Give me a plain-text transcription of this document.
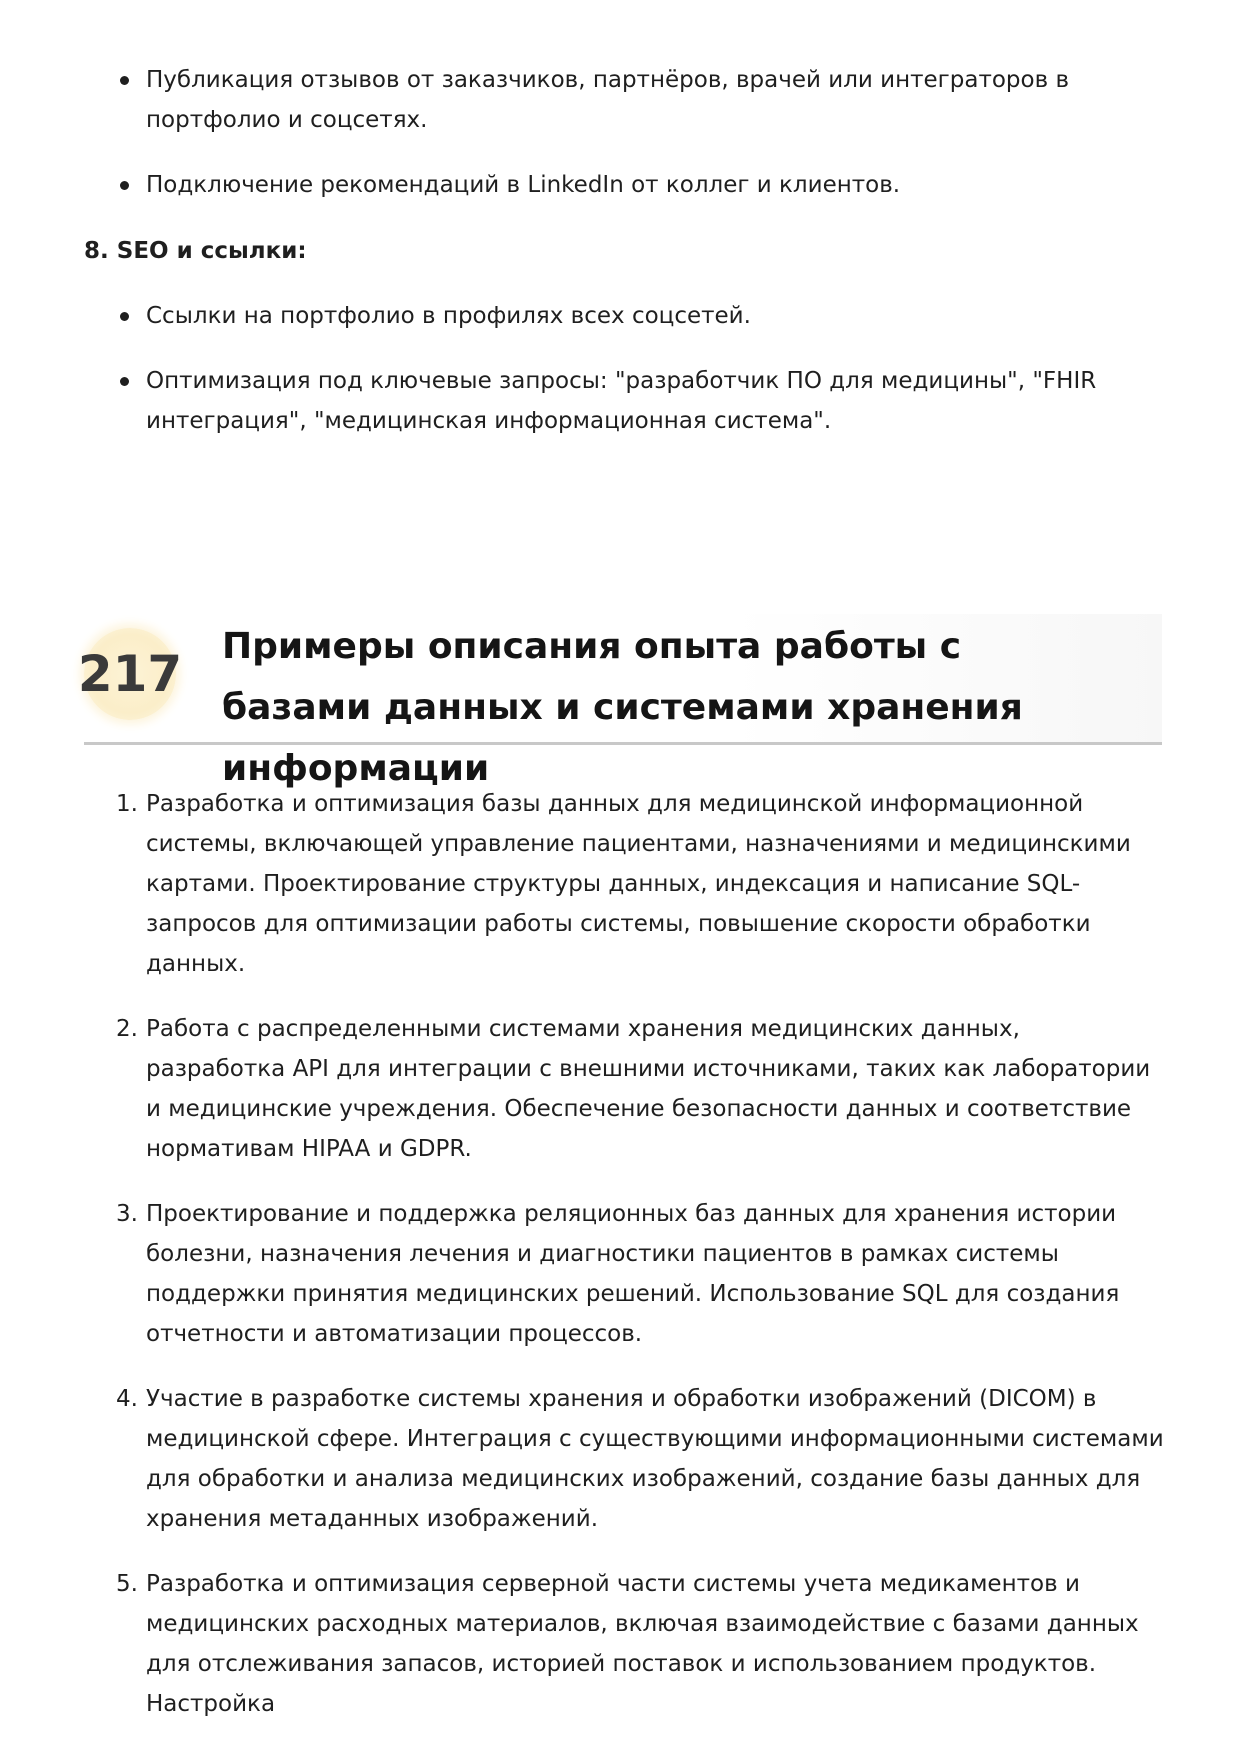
Публикация отзывов от заказчиков, партнёров, врачей или интеграторов в портфолио и соцсетях.
Подключение рекомендаций в LinkedIn от коллег и клиентов.
8. SEO и ссылки:
Ссылки на портфолио в профилях всех соцсетей.
Оптимизация под ключевые запросы: "разработчик ПО для медицины", "FHIR интеграция", "медицинская информационная система".
217 Примеры описания опыта работы с базами данных и системами хранения информации
1. Разработка и оптимизация базы данных для медицинской информационной системы, включающей управление пациентами, назначениями и медицинскими картами. Проектирование структуры данных, индексация и написание SQL-запросов для оптимизации работы системы, повышение скорости обработки данных.
2. Работа с распределенными системами хранения медицинских данных, разработка API для интеграции с внешними источниками, таких как лаборатории и медицинские учреждения. Обеспечение безопасности данных и соответствие нормативам HIPAA и GDPR.
3. Проектирование и поддержка реляционных баз данных для хранения истории болезни, назначения лечения и диагностики пациентов в рамках системы поддержки принятия медицинских решений. Использование SQL для создания отчетности и автоматизации процессов.
4. Участие в разработке системы хранения и обработки изображений (DICOM) в медицинской сфере. Интеграция с существующими информационными системами для обработки и анализа медицинских изображений, создание базы данных для хранения метаданных изображений.
5. Разработка и оптимизация серверной части системы учета медикаментов и медицинских расходных материалов, включая взаимодействие с базами данных для отслеживания запасов, историей поставок и использованием продуктов. Настройка
